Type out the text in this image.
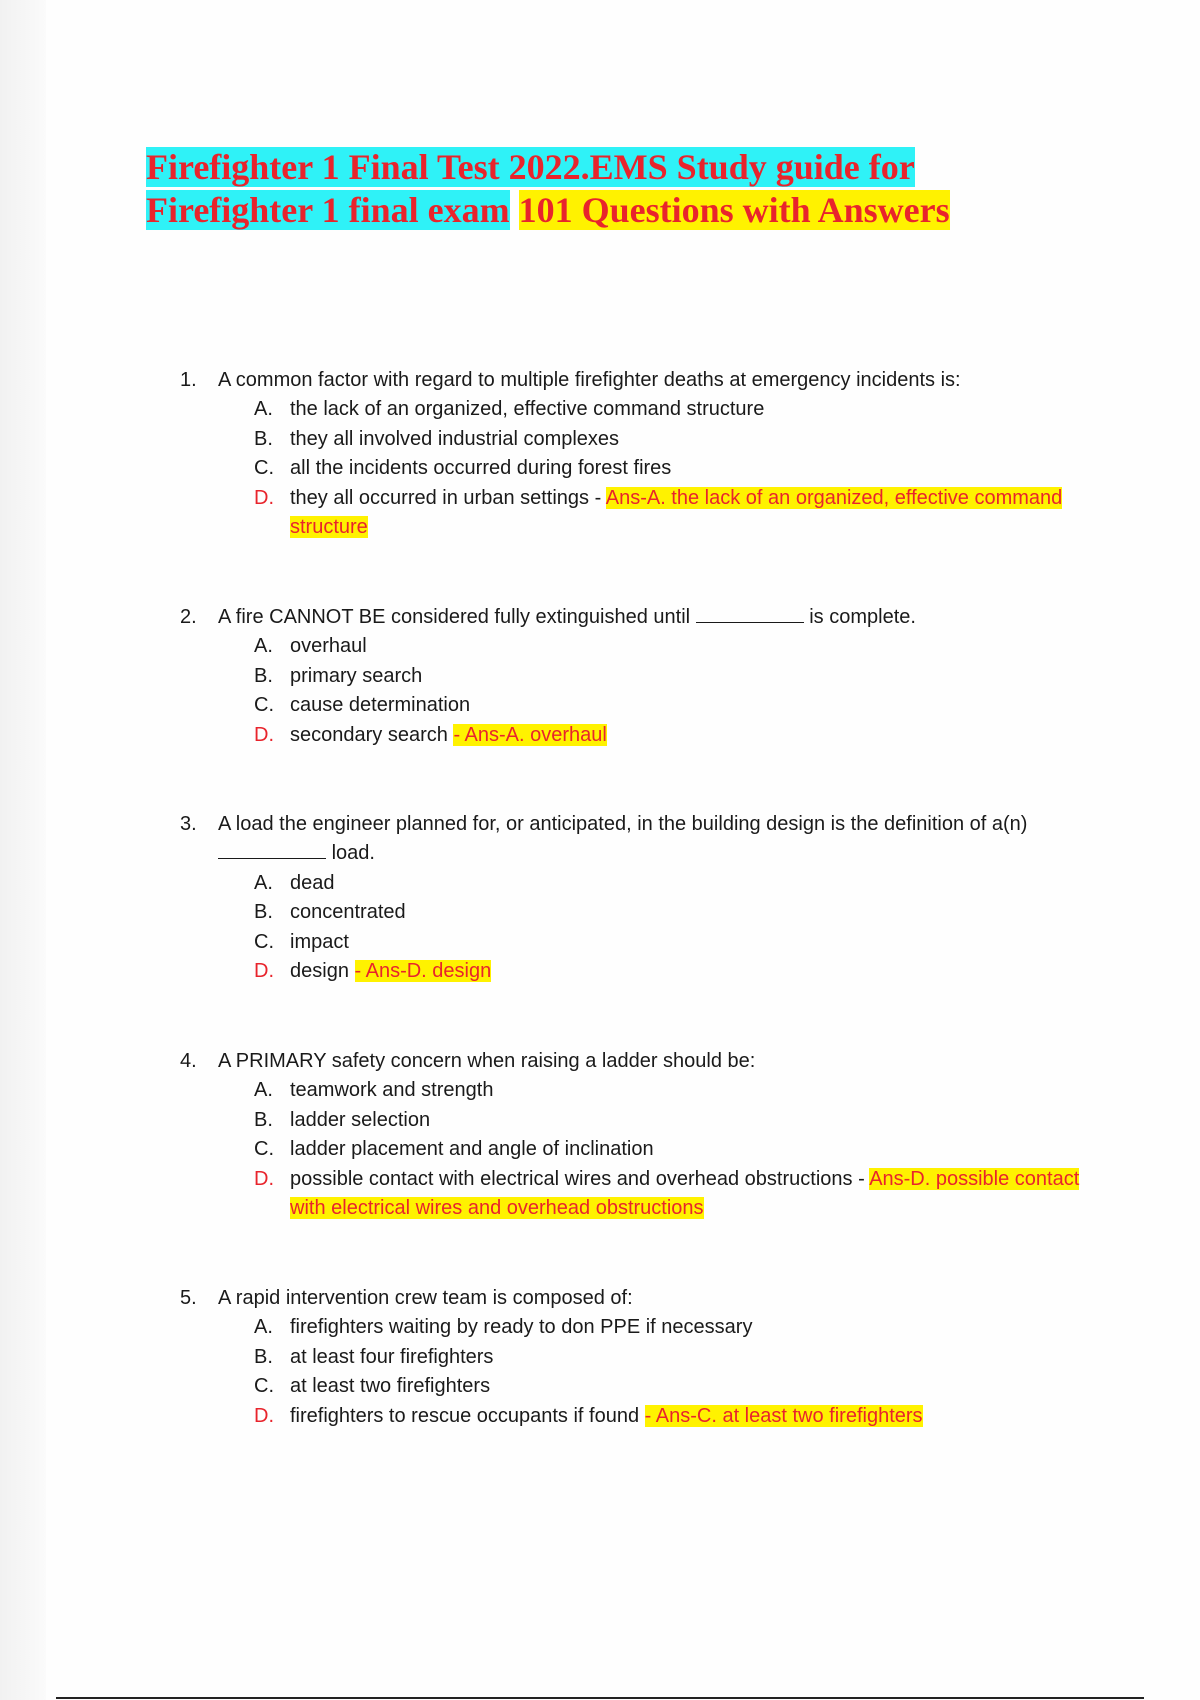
Firefighter 1 Final Test 2022.EMS Study guide for Firefighter 1 final exam 101 Questions with Answers
1. A common factor with regard to multiple firefighter deaths at emergency incidents is:
A. the lack of an organized, effective command structure
B. they all involved industrial complexes
C. all the incidents occurred during forest fires
D. they all occurred in urban settings - Ans-A. the lack of an organized, effective command structure
2. A fire CANNOT BE considered fully extinguished until	is complete.
A. overhaul
B. primary search
C. cause determination
D. secondary search - Ans-A. overhaul
3. A load the engineer planned for, or anticipated, in the building design is the definition of a(n)  load.
A. dead
B. concentrated
C. impact
D. design - Ans-D. design
4. A PRIMARY safety concern when raising a ladder should be:
A. teamwork and strength
B. ladder selection
C. ladder placement and angle of inclination
D. possible contact with electrical wires and overhead obstructions - Ans-D. possible contact with electrical wires and overhead obstructions
5. A rapid intervention crew team is composed of:
A. firefighters waiting by ready to don PPE if necessary
B. at least four firefighters
C. at least two firefighters
D. firefighters to rescue occupants if found - Ans-C. at least two firefighters
